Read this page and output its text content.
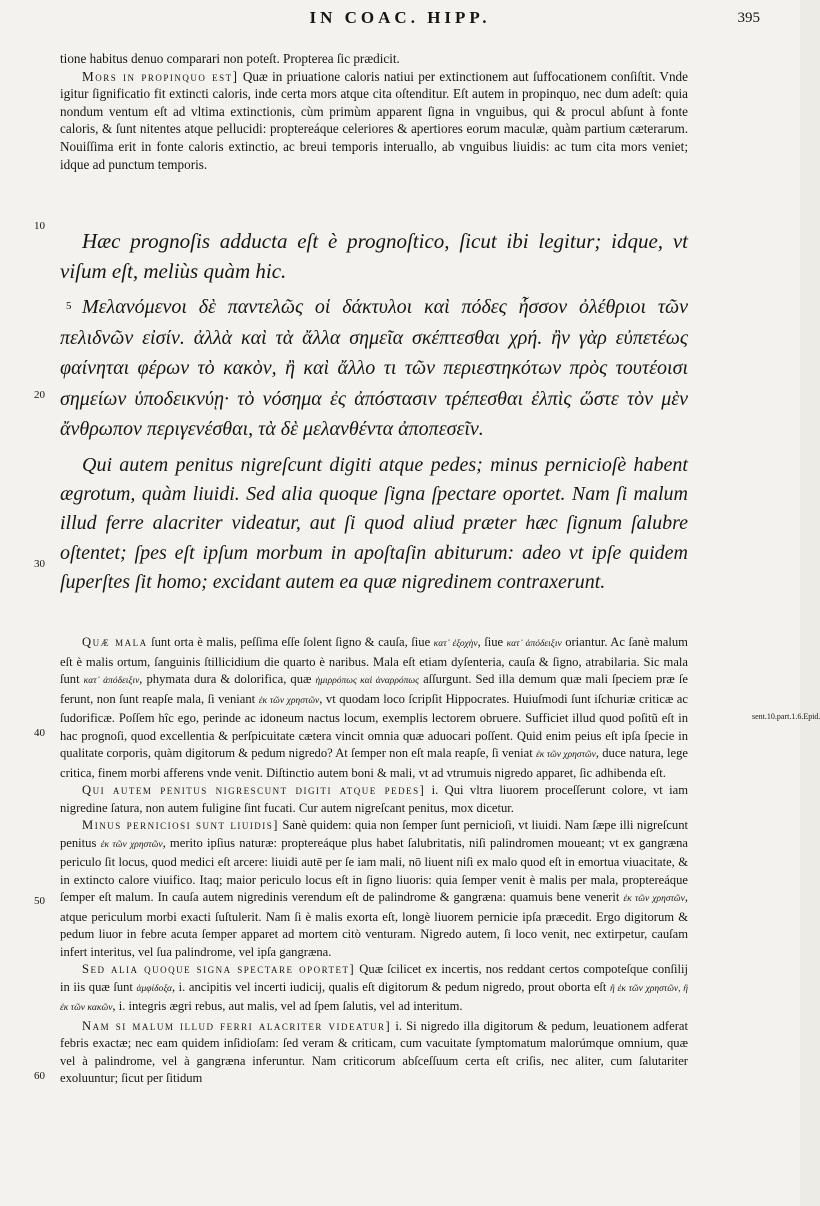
IN COAC. HIPP.	395
10
5
20
30
40
50
60
sent.10.part.1.6.Epid.

tione habitus denuo comparari non poteſt. Propterea ſic prædicit.

Mors in propinquo est] Quæ in priuatione caloris natiui per extinctionem aut ſuffocationem conſiſtit. Vnde igitur ſignificatio fit extincti caloris, inde certa mors atque cita oſtenditur. Eſt autem in propinquo, nec dum adeſt: quia nondum ventum eſt ad vltima extinctionis, cùm primùm apparent ſigna in vnguibus, qui & procul abſunt à fonte caloris, & ſunt nitentes atque pellucidi: proptereáque celeriores & apertiores eorum maculæ, quàm partium cæterarum. Nouiſſima erit in fonte caloris extinctio, ac breui temporis interuallo, ab vnguibus liuidis: ac tum cita mors veniet; idque ad punctum temporis.

Hæc prognoſis adducta eſt è prognoſtico, ſicut ibi legitur; idque, vt viſum eſt, meliùs quàm hic.

Μελανόμενοι δὲ παντελῶς οἱ δάκτυλοι καὶ πόδες ἧσσον ὀλέθριοι τῶν πελιδνῶν εἰσίν. ἀλλὰ καὶ τὰ ἄλλα σημεῖα σκέπτεσθαι χρή. ἢν γὰρ εὐπετέως φαίνηται φέρων τὸ κακὸν, ἢ καὶ ἄλλο τι τῶν περιεστηκότων πρὸς τουτέοισι σημείων ὑποδεικνύῃ· τὸ νόσημα ἐς ἀπόστασιν τρέπεσθαι ἐλπὶς ὥστε τὸν μὲν ἄνθρωπον περιγενέσθαι, τὰ δὲ μελανθέντα ἀποπεσεῖν.

Qui autem penitus nigreſcunt digiti atque pedes; minus pernicioſè habent ægrotum, quàm liuidi. Sed alia quoque ſigna ſpectare oportet. Nam ſi malum illud ferre alacriter videatur, aut ſi quod aliud præter hæc ſignum ſalubre oſtentet; ſpes eſt ipſum morbum in apoſtaſin abiturum: adeo vt ipſe quidem ſuperſtes ſit homo; excidant autem ea quæ nigredinem contraxerunt.

Quæ mala ſunt orta è malis, peſſima eſſe ſolent ſigno & cauſa, ſiue κατ᾽ ἐξοχὴν, ſiue κατ᾽ ἀπόδειξιν oriantur. Ac ſanè malum eſt è malis ortum, ſanguinis ſtillicidium die quarto è naribus. Mala eſt etiam dyſenteria, cauſa & ſigno, atrabilaria. Sic mala ſunt κατ᾽ ἀπόδειξιν, phymata dura & dolorifica, quæ ἡμιρρόπως καὶ ἀναρρόπως aſſurgunt. Sed illa demum quæ mali ſpeciem præ ſe ferunt, non ſunt reapſe mala, ſi veniant ἐκ τῶν χρηστῶν, vt quodam loco ſcripſit Hippocrates. Huiuſmodi ſunt iſchuriæ criticæ ac ſudorificæ. Poſſem hîc ego, perinde ac idoneum nactus locum, exemplis lectorem obruere. Sufficiet illud quod poſitũ eſt in hac prognoſi, quod excellentia & perſpicuitate cætera vincit omnia quæ aduocari poſſent. Quid enim peius eſt ipſa ſpecie in qualitate corporis, quàm digitorum & pedum nigredo? At ſemper non eſt mala reapſe, ſi veniat ἐκ τῶν χρηστῶν, duce natura, lege critica, finem morbi afferens vnde venit. Diſtinctio autem boni & mali, vt ad vtrumuis nigredo apparet, ſic adhibenda eſt.

Qui autem penitus nigrescunt digiti atque pedes] i. Qui vltra liuorem proceſſerunt colore, vt iam nigredine ſatura, non autem fuligine ſint fucati. Cur autem nigreſcant penitus, mox dicetur.

Minus perniciosi sunt liuidis] Sanè quidem: quia non ſemper ſunt pernicioſi, vt liuidi. Nam ſæpe illi nigreſcunt penitus ἐκ τῶν χρηστῶν, merito ipſius naturæ: proptereáque plus habet ſalubritatis, niſi palindromen moueant; vt ex gangræna periculo ſit locus, quod medici eſt arcere: liuidi autē per ſe iam mali, nō liuent niſi ex malo quod eſt in emortua viuacitate, & in extincto calore viuifico. Itaq; maior periculo locus eſt in ſigno liuoris: quia ſemper venit è malis per mala, proptereáque ſemper eſt malum. In cauſa autem nigredinis verendum eſt de palindrome & gangræna: quamuis bene venerit ἐκ τῶν χρηστῶν, atque periculum morbi exacti ſuſtulerit. Nam ſi è malis exorta eſt, longè liuorem pernicie ipſa præcedit. Ergo digitorum & pedum liuor in febre acuta ſemper apparet ad mortem citò venturam. Nigredo autem, ſi loco venit, nec extirpetur, cauſam infert interitus, vel ſua palindrome, vel ipſa gangræna.

Sed alia quoque signa spectare oportet] Quæ ſcilicet ex incertis, nos reddant certos compoteſque conſilij in iis quæ ſunt ἀμφίδοξα, i. ancipitis vel incerti iudicij, qualis eſt digitorum & pedum nigredo, prout oborta eſt ἢ ἐκ τῶν χρηστῶν, ἢ ἐκ τῶν κακῶν, i. integris ægri rebus, aut malis, vel ad ſpem ſalutis, vel ad interitum.

Nam si malum illud ferri alacriter videatur] i. Si nigredo illa digitorum & pedum, leuationem adferat febris exactæ; nec eam quidem inſidioſam: ſed veram & criticam, cum vacuitate ſymptomatum malorúmque omnium, quæ vel à palindrome, vel à gangræna inferuntur. Nam criticorum abſceſſuum certa eſt criſis, nec aliter, cum ſalutariter exoluuntur; ſicut per ſitidum
